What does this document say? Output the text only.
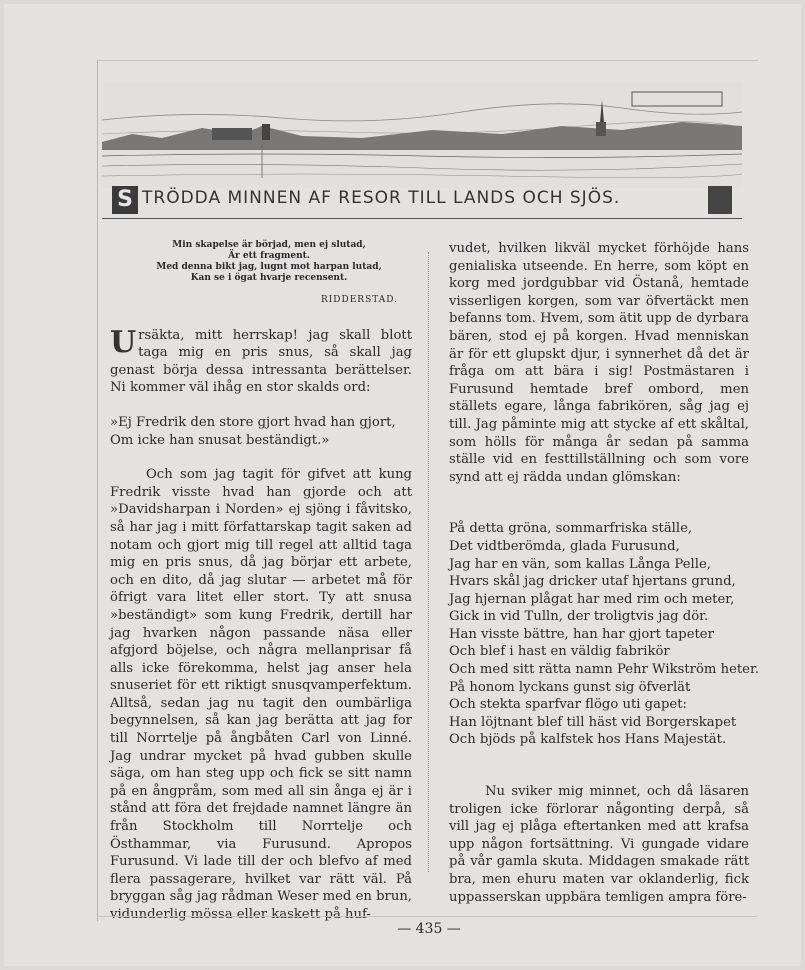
S TRÖDDA MINNEN AF RESOR TILL LANDS OCH SJÖS.
Min skapelse är börjad, men ej slutad,
Är ett fragment.
Med denna bikt jag, lugnt mot harpan lutad,
Kan se i ögat hvarje recensent.
RIDDERSTAD.

Ursäkta, mitt herrskap! jag skall blott taga mig en pris snus, så skall jag genast börja dessa intressanta berättelser. Ni kommer väl ihåg en stor skalds ord:

»Ej Fredrik den store gjort hvad han gjort,

Om icke han snusat beständigt.»

Och som jag tagit för gifvet att kung Fredrik visste hvad han gjorde och att »Davidsharpan i Norden» ej sjöng i fåvitsko, så har jag i mitt författarskap tagit saken ad notam och gjort mig till regel att alltid taga mig en pris snus, då jag börjar ett arbete, och en dito, då jag slutar — arbetet må för öfrigt vara litet eller stort. Ty att snusa »beständigt» som kung Fredrik, dertill har jag hvarken någon passande näsa eller afgjord böjelse, och några mellanprisar få alls icke förekomma, helst jag anser hela snuseriet för ett riktigt snusqvamperfektum. Alltså, sedan jag nu tagit den oumbärliga begynnelsen, så kan jag berätta att jag for till Norrtelje på ångbåten Carl von Linné. Jag undrar mycket på hvad gubben skulle säga, om han steg upp och fick se sitt namn på en ångpråm, som med all sin ånga ej är i stånd att föra det frejdade namnet längre än från Stockholm till Norrtelje och Östhammar, via Furusund. Apropos Furusund. Vi lade till der och blefvo af med flera passagerare, hvilket var rätt väl. På bryggan såg jag rådman Weser med en brun, vidunderlig mössa eller kaskett på huf-

vudet, hvilken likväl mycket förhöjde hans genialiska utseende. En herre, som köpt en korg med jordgubbar vid Östanå, hemtade visserligen korgen, som var öfvertäckt men befanns tom. Hvem, som ätit upp de dyrbara bären, stod ej på korgen. Hvad menniskan är för ett glupskt djur, i synnerhet då det är fråga om att bära i sig! Postmästaren i Furusund hemtade bref ombord, men ställets egare, långa fabrikören, såg jag ej till. Jag påminte mig att stycke af ett skåltal, som hölls för många år sedan på samma ställe vid en festtillställning och som vore synd att ej rädda undan glömskan:

På detta gröna, sommarfriska ställe,

Det vidtberömda, glada Furusund,

Jag har en vän, som kallas Långa Pelle,

Hvars skål jag dricker utaf hjertans grund,

Jag hjernan plågat har med rim och meter,

Gick in vid Tulln, der troligtvis jag dör.

Han visste bättre, han har gjort tapeter

Och blef i hast en väldig fabrikör

Och med sitt rätta namn Pehr Wikström heter.

På honom lyckans gunst sig öfverlät

Och stekta sparfvar flögo uti gapet:

Han löjtnant blef till häst vid Borgerskapet

Och bjöds på kalfstek hos Hans Majestät.

Nu sviker mig minnet, och då läsaren troligen icke förlorar någonting derpå, så vill jag ej plåga eftertanken med att krafsa upp någon fortsättning. Vi gungade vidare på vår gamla skuta. Middagen smakade rätt bra, men ehuru maten var oklanderlig, fick uppasserskan uppbära temligen ampra före-

— 435 —
